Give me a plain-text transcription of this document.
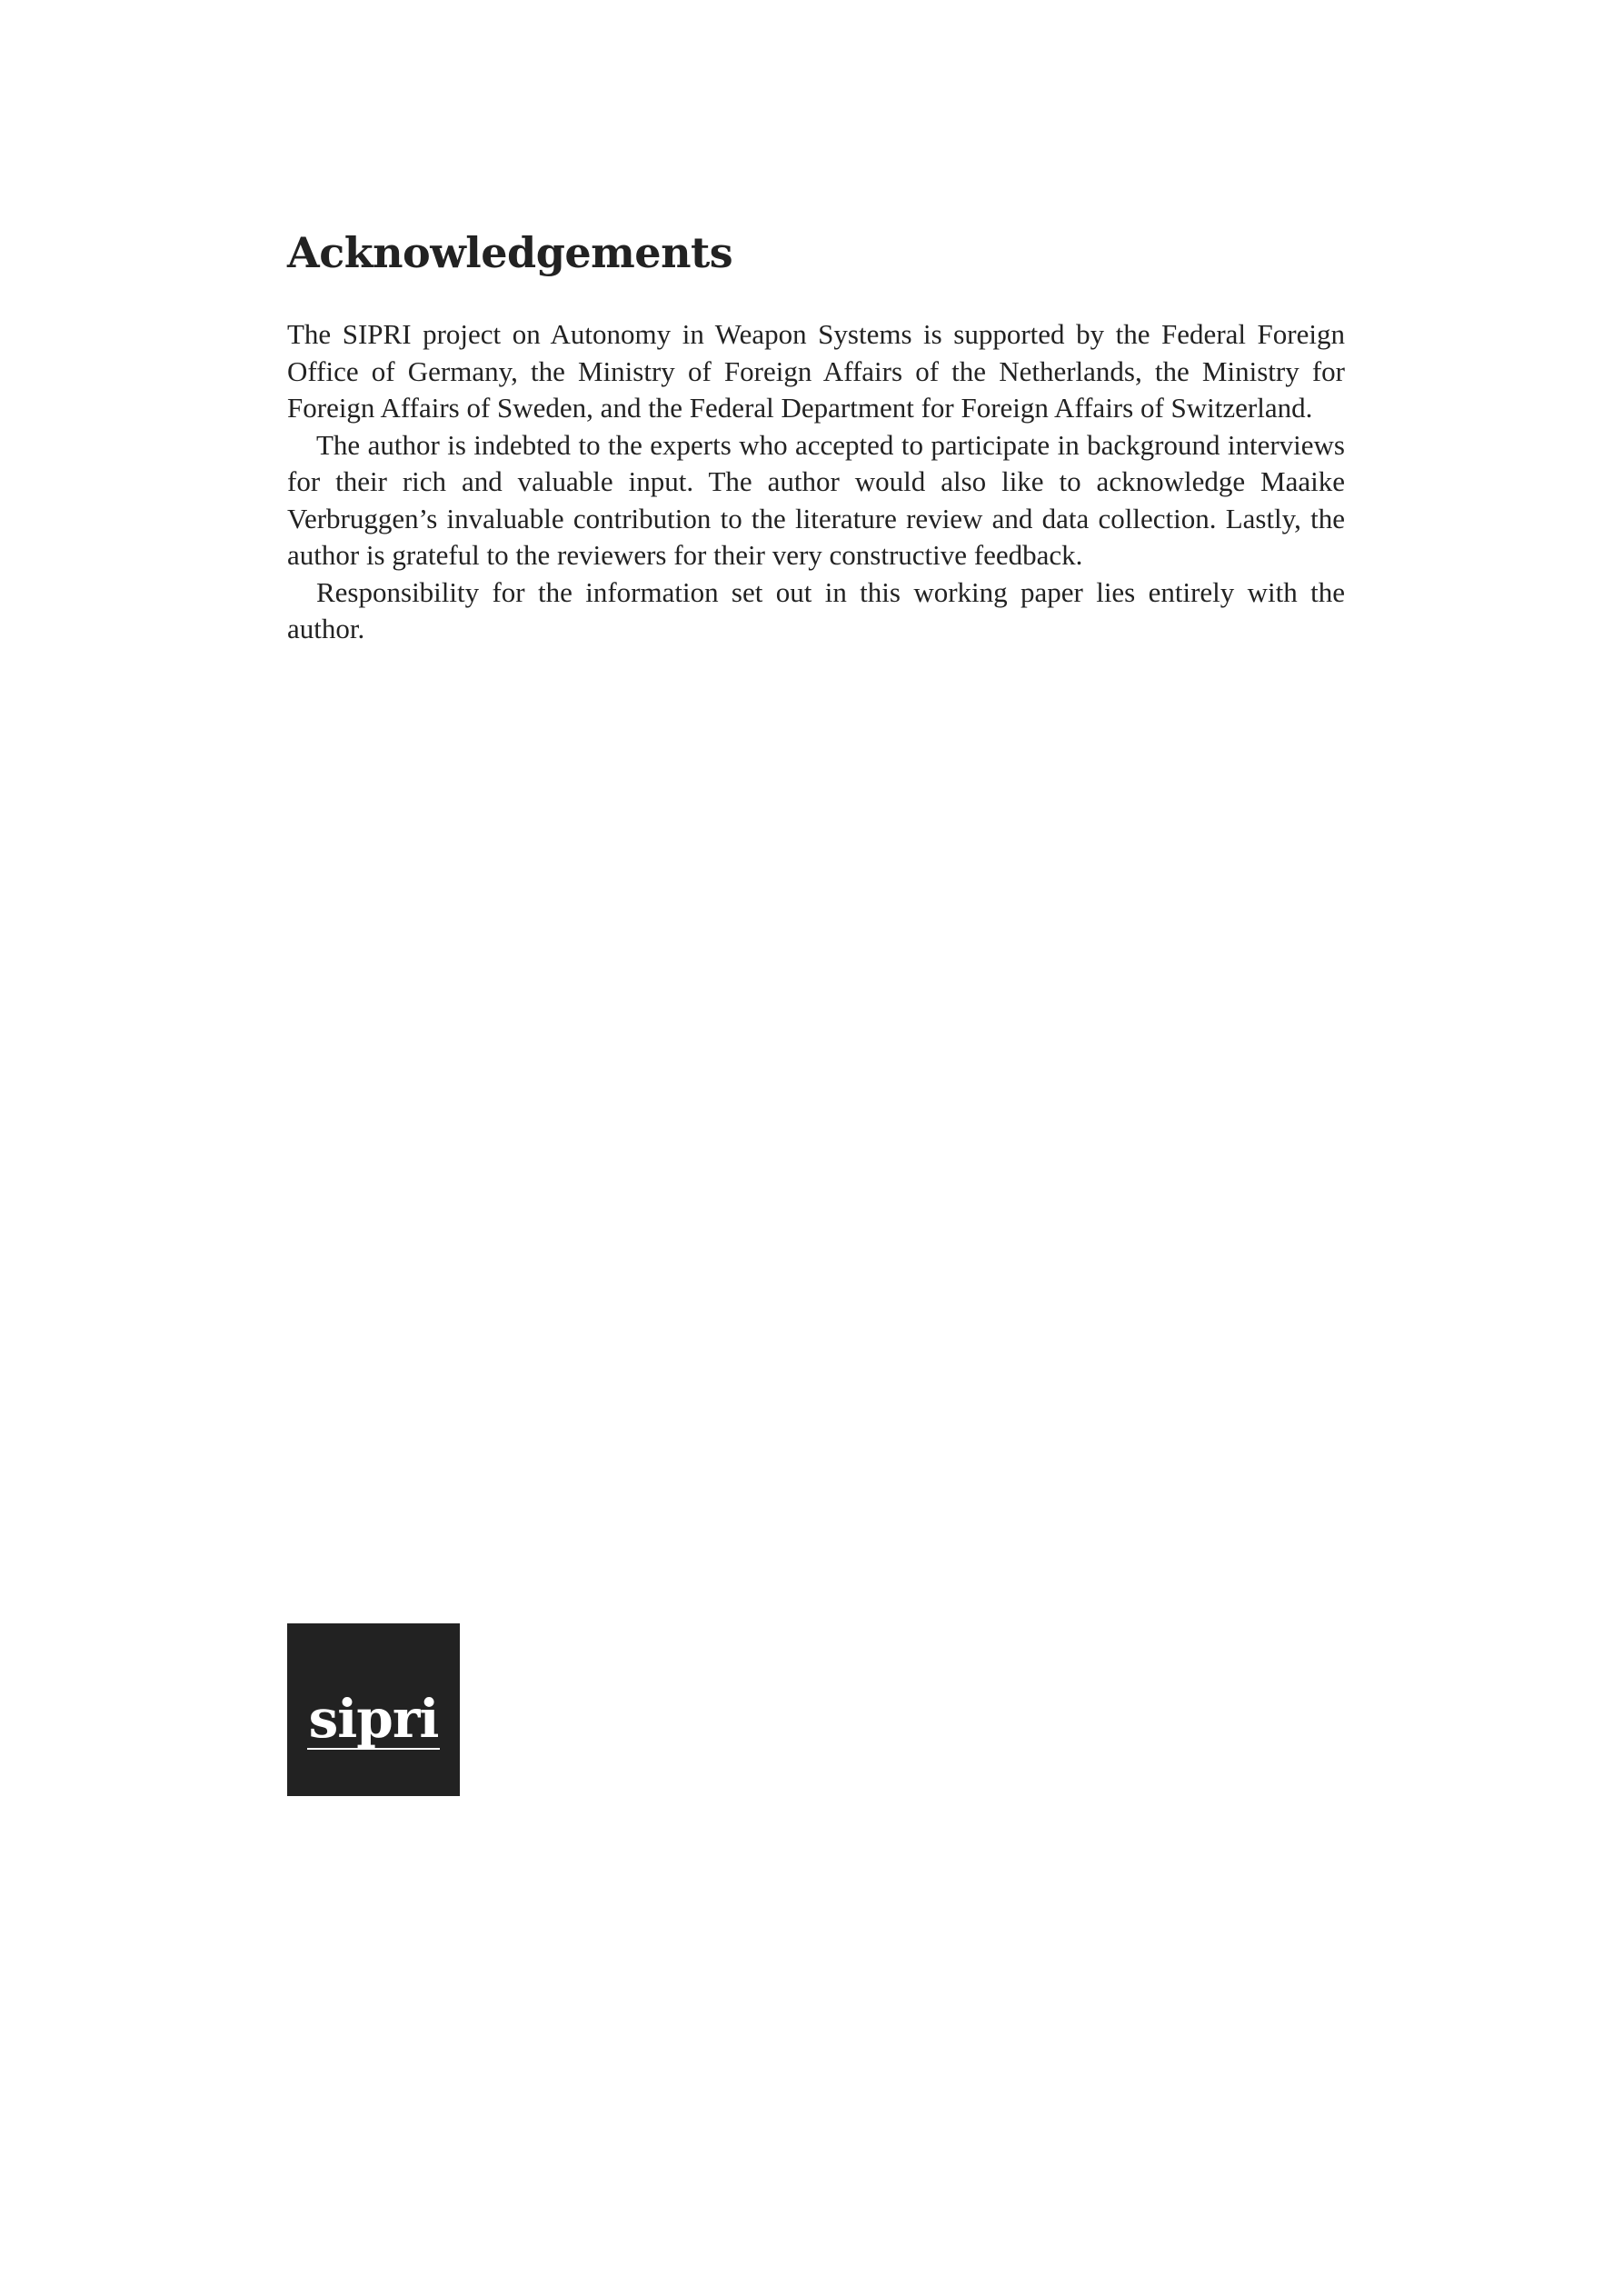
Acknowledgements

The SIPRI project on Autonomy in Weapon Systems is supported by the Federal Foreign Office of Germany, the Ministry of Foreign Affairs of the Netherlands, the Ministry for Foreign Affairs of Sweden, and the Federal Department for Foreign Affairs of Switzerland.

The author is indebted to the experts who accepted to participate in background interviews for their rich and valuable input. The author would also like to acknowledge Maaike Verbruggen’s invaluable contribution to the literature review and data collection. Lastly, the author is grateful to the reviewers for their very constructive feedback.

Responsibility for the information set out in this working paper lies entirely with the author.

sipri
